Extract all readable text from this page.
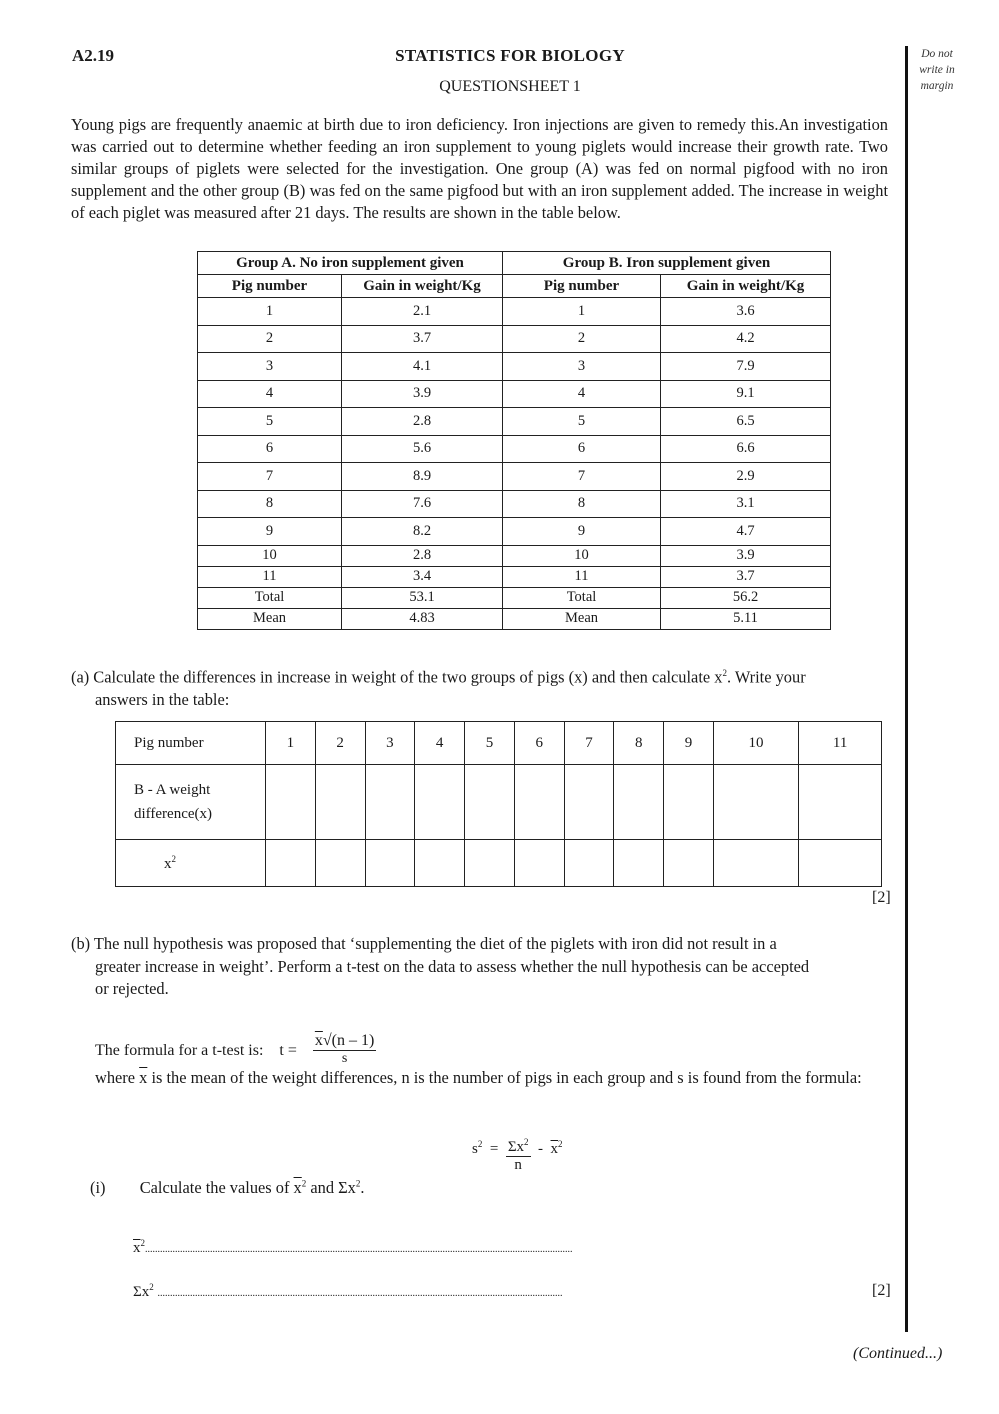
A2.19	STATISTICS FOR BIOLOGY
QUESTIONSHEET 1
Do not write in margin
Young pigs are frequently anaemic at birth due to iron deficiency. Iron injections are given to remedy this.An investigation was carried out to determine whether feeding an iron supplement to young piglets would increase their growth rate. Two similar groups of piglets were selected for the investigation. One group (A) was fed on normal pigfood with no iron supplement and the other group (B) was fed on the same pigfood but with an iron supplement added. The increase in weight of each piglet was measured after 21 days. The results are shown in the table below.
Group A. No iron supplement given		Group B. Iron supplement given	
Pig number	Gain in weight/Kg	Pig number	Gain in weight/Kg
1	2.1	1	3.6
2	3.7	2	4.2
3	4.1	3	7.9
4	3.9	4	9.1
5	2.8	5	6.5
6	5.6	6	6.6
7	8.9	7	2.9
8	7.6	8	3.1
9	8.2	9	4.7
10	2.8	10	3.9
11	3.4	11	3.7
Total	53.1	Total	56.2
Mean	4.83	Mean	5.11
(a) Calculate the differences in increase in weight of the two groups of pigs (x) and then calculate $x^2$. Write your
answers in the table:
Pig number	1	2	3	4	5	6	7	8	9	10	11
B - A weight
difference(x)											
$x^2$											
[2]
(b) The null hypothesis was proposed that ‘supplementing the diet of the piglets with iron did not result in a
greater increase in weight’. Perform a t-test on the data to assess whether the null hypothesis can be accepted
or rejected.
The formula for a t-test is: $t = \frac{\overline{x}√(n - 1)}{s}$
where $\overline{x}$ is the mean of the weight differences, n is the number of pigs in each group and s is found from the formula:
$s^2 = \frac{\Sigma x^2}{n} - \overline{x}^2$
(i) Calculate the values of $\overline{x}^2$ and $\Sigma x^2$.
$\overline{x}^2$...........................................................................................................................................................................
$\Sigma x^2$ ..................................................................................................................................................................	[2]
(Continued...)
